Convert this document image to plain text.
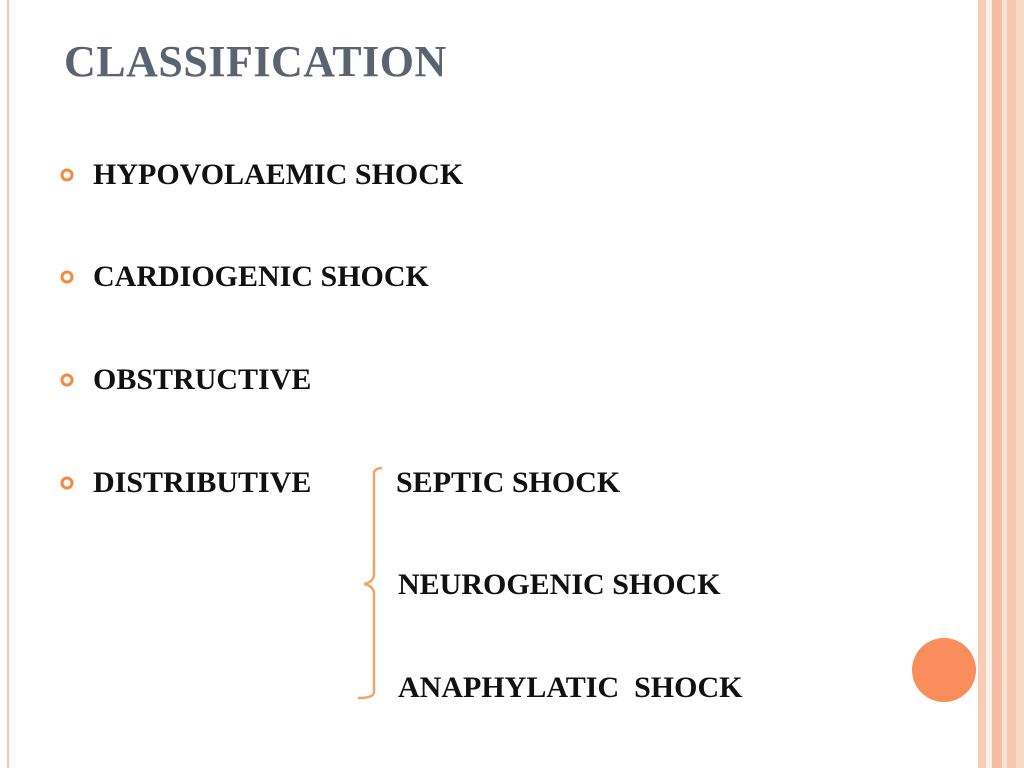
CLASSIFICATION
HYPOVOLAEMIC SHOCK
CARDIOGENIC SHOCK
OBSTRUCTIVE
DISTRIBUTIVE	SEPTIC SHOCK
NEUROGENIC SHOCK
ANAPHYLATIC  SHOCK
